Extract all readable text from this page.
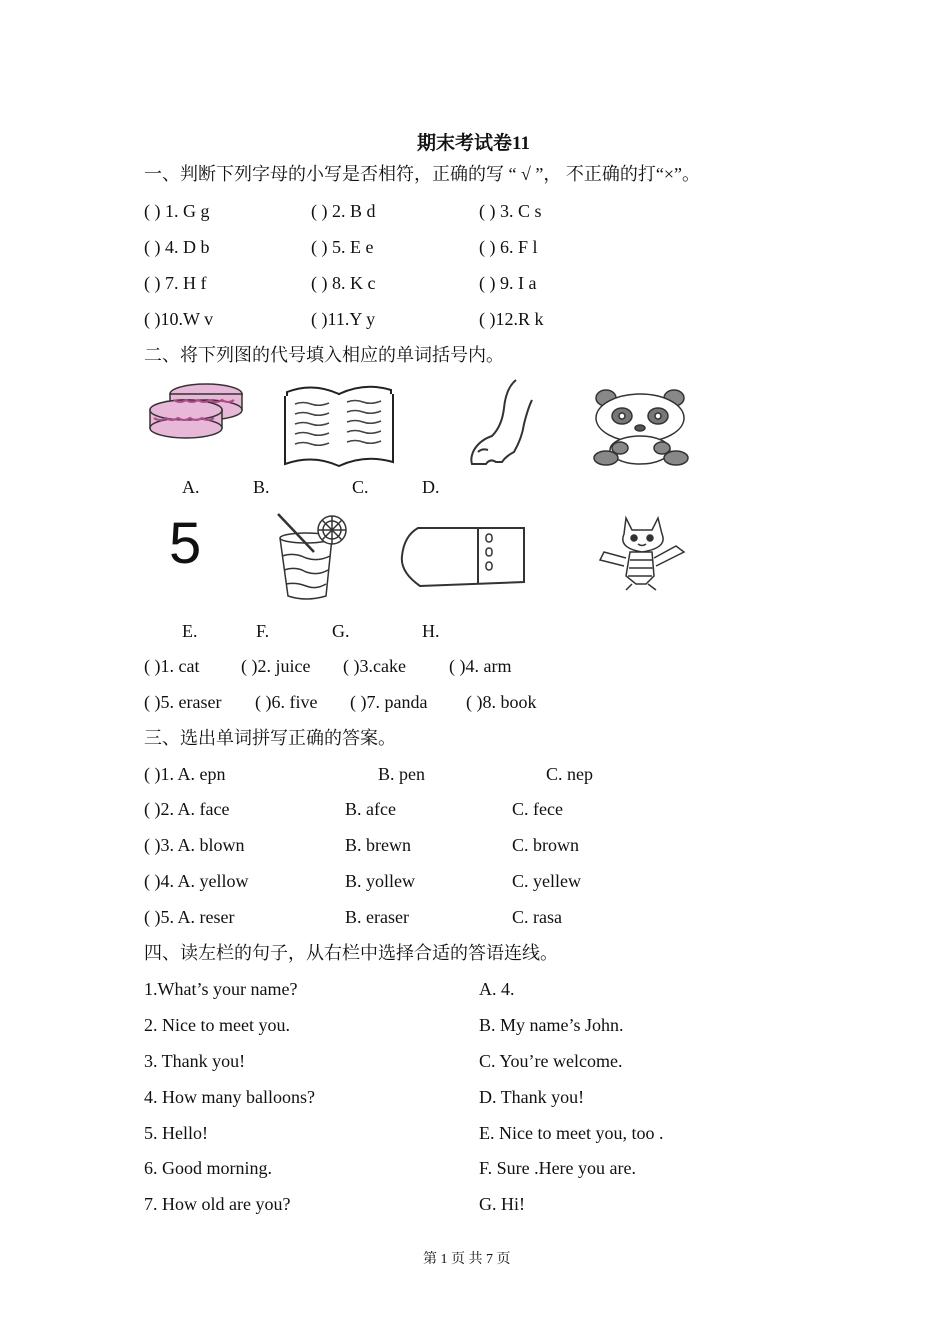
期末考试卷11
一、判断下列字母的小写是否相符，正确的写 “ √ ”， 不正确的打“×”。
( ) 1. G g	( ) 2. B d	( ) 3. C s
( ) 4. D b	( ) 5. E e	( ) 6. F l
( ) 7. H f	( ) 8. K c	( ) 9. I a
( )10.W v	( )11.Y y	( )12.R k
二、将下列图的代号填入相应的单词括号内。
A.	B.	C.	D.
5
E.	F.	G.	H.
( )1. cat ( )2. juice ( )3.cake ( )4. arm
( )5. eraser ( )6. five ( )7. panda ( )8. book
三、选出单词拼写正确的答案。
( )1. A. epn	B. pen	C. nep
( )2. A. face	B. afce	C. fece
( )3. A. blown	B. brewn	C. brown
( )4. A. yellow	B. yollew	C. yellew
( )5. A. reser	B. eraser	C. rasa
四、读左栏的句子，从右栏中选择合适的答语连线。
1.What’s your name?	A. 4.
2. Nice to meet you.	B. My name’s John.
3. Thank you!	C. You’re welcome.
4. How many balloons?	D. Thank you!
5. Hello!	E. Nice to meet you, too .
6. Good morning.	F. Sure .Here you are.
7. How old are you?	G. Hi!
第 1 页 共 7 页
